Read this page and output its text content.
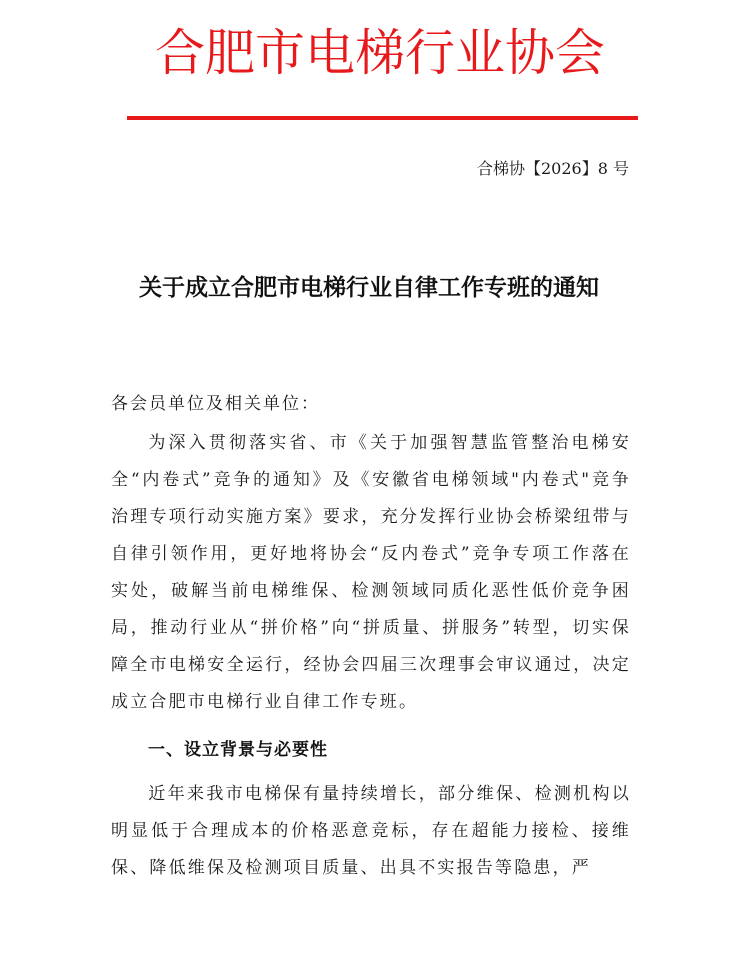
合肥市电梯行业协会
合梯协【2026】8 号
关于成立合肥市电梯行业自律工作专班的通知
各会员单位及相关单位：

为深入贯彻落实省、市《关于加强智慧监管整治电梯安全“内卷式”竞争的通知》及《安徽省电梯领域"内卷式"竞争治理专项行动实施方案》要求，充分发挥行业协会桥梁纽带与自律引领作用，更好地将协会“反内卷式”竞争专项工作落在实处，破解当前电梯维保、检测领域同质化恶性低价竞争困局，推动行业从“拼价格”向“拼质量、拼服务”转型，切实保障全市电梯安全运行，经协会四届三次理事会审议通过，决定成立合肥市电梯行业自律工作专班。

一、设立背景与必要性

近年来我市电梯保有量持续增长，部分维保、检测机构以明显低于合理成本的价格恶意竞标，存在超能力接检、接维保、降低维保及检测项目质量、出具不实报告等隐患，严
